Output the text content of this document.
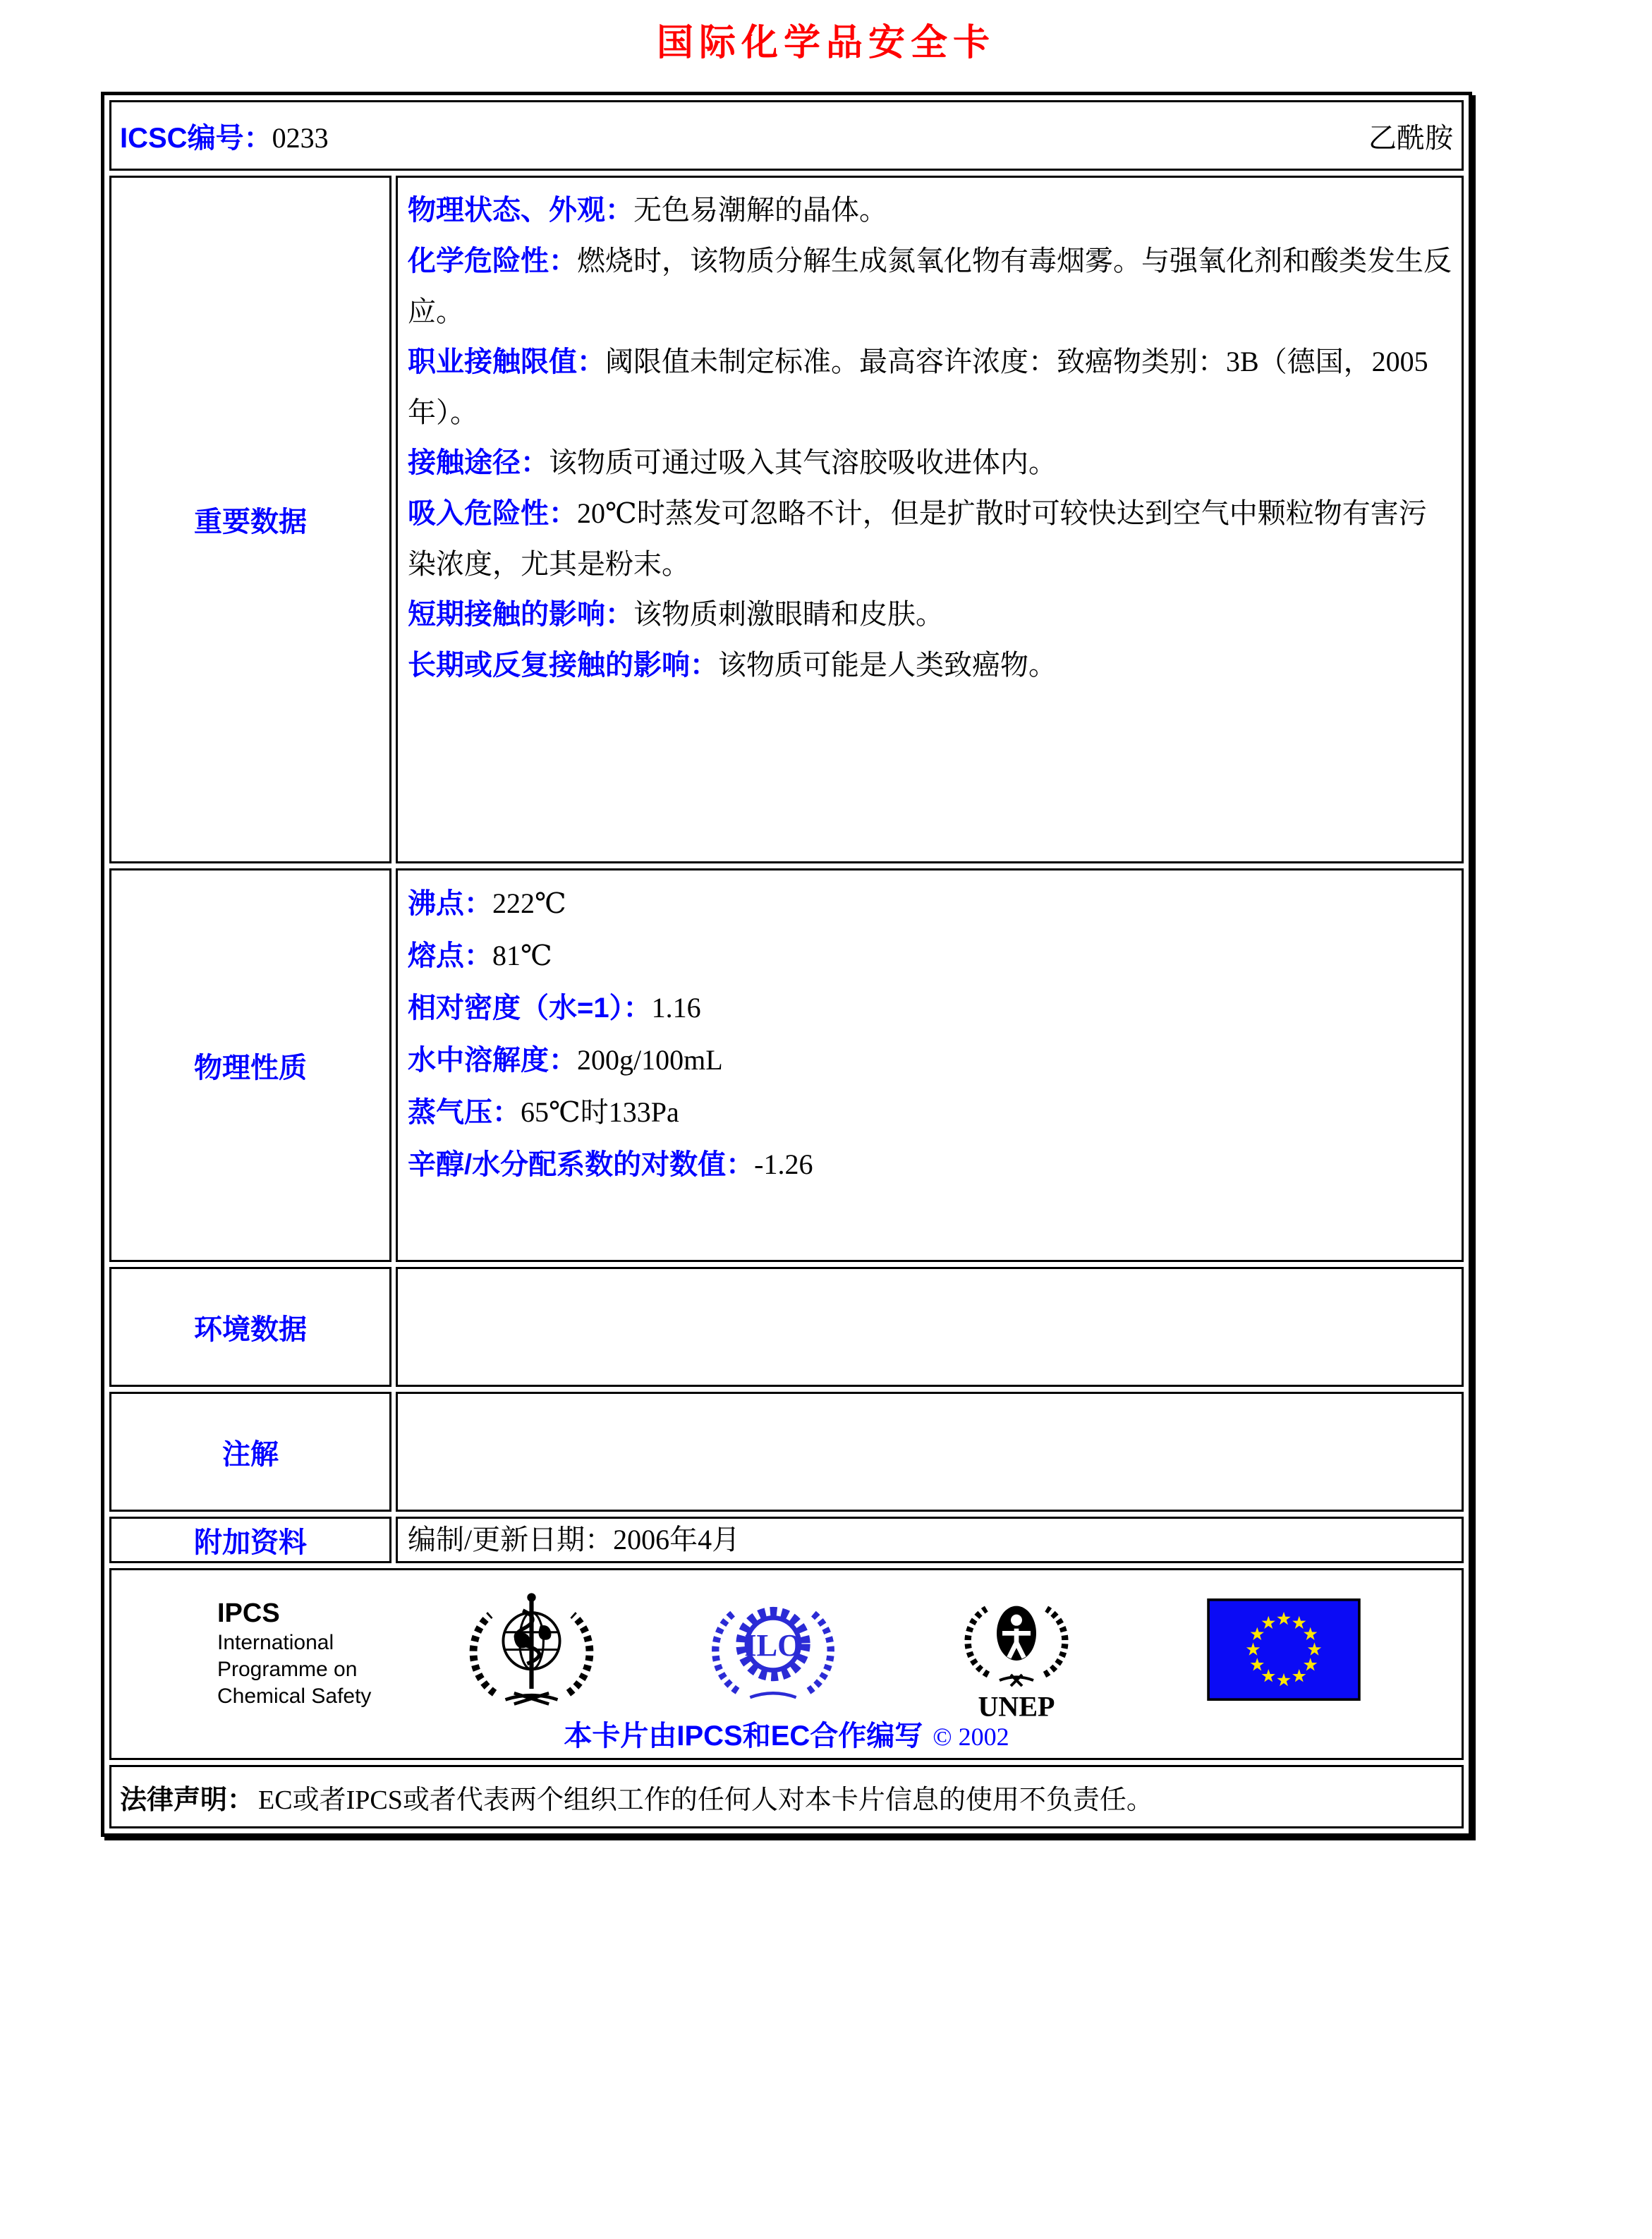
国际化学品安全卡
ICSC编号：0233	乙酰胺
重要数据
物理状态、外观：无色易潮解的晶体。
化学危险性：燃烧时，该物质分解生成氮氧化物有毒烟雾。与强氧化剂和酸类发生反应。
职业接触限值：阈限值未制定标准。最高容许浓度：致癌物类别：3B（德国，2005年）。
接触途径：该物质可通过吸入其气溶胶吸收进体内。
吸入危险性：20℃时蒸发可忽略不计，但是扩散时可较快达到空气中颗粒物有害污染浓度，尤其是粉末。
短期接触的影响：该物质刺激眼睛和皮肤。
长期或反复接触的影响：该物质可能是人类致癌物。
物理性质
沸点：222℃
熔点：81℃
相对密度（水=1）：1.16
水中溶解度：200g/100mL
蒸气压：65℃时133Pa
辛醇/水分配系数的对数值：-1.26
环境数据
注解
附加资料	编制/更新日期：2006年4月
IPCS
International
Programme on
Chemical Safety
ILO
UNEP
本卡片由IPCS和EC合作编写 © 2002
法律声明： EC或者IPCS或者代表两个组织工作的任何人对本卡片信息的使用不负责任。
